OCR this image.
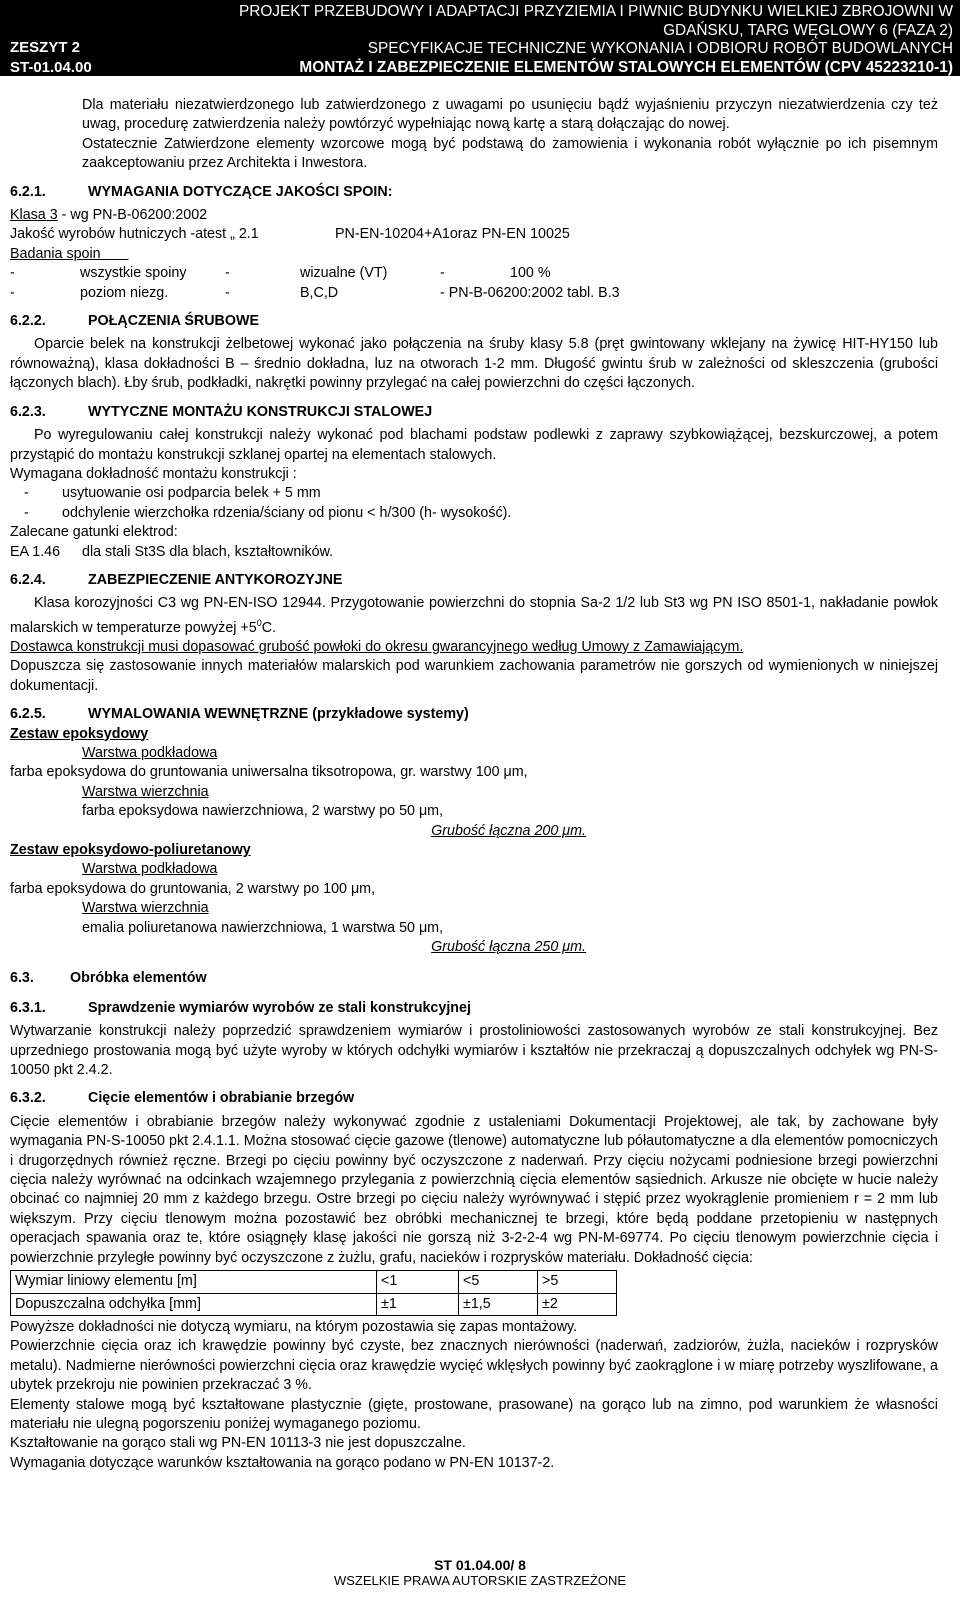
ZESZYT 2
ST-01.04.00
PROJEKT PRZEBUDOWY I ADAPTACJI PRZYZIEMIA I PIWNIC BUDYNKU WIELKIEJ ZBROJOWNI W
GDAŃSKU, TARG WĘGLOWY 6 (FAZA 2)
SPECYFIKACJE TECHNICZNE WYKONANIA I ODBIORU ROBÓT BUDOWLANYCH
MONTAŻ I ZABEZPIECZENIE ELEMENTÓW STALOWYCH ELEMENTÓW (CPV 45223210-1)

Dla materiału niezatwierdzonego lub zatwierdzonego z uwagami po usunięciu bądź wyjaśnieniu przyczyn niezatwierdzenia czy też uwag, procedurę zatwierdzenia należy powtórzyć wypełniając nową kartę a starą dołączając do nowej.

Ostatecznie Zatwierdzone elementy wzorcowe mogą być podstawą do zamowienia i wykonania robót wyłącznie po ich pisemnym zaakceptowaniu przez Architekta i Inwestora.

6.2.1.	WYMAGANIA DOTYCZĄCE JAKOŚCI SPOIN:

Klasa 3 - wg PN-B-06200:2002

Jakość wyrobów hutniczych -atest „ 2.1	PN-EN-10204+A1oraz PN-EN 10025

Badania spoin

-	wszystkie spoiny	-	wizualne (VT)	-	100 %
-	poziom niezg.	-	B,C,D	- PN-B-06200:2002 tabl. B.3
6.2.2.	POŁĄCZENIA ŚRUBOWE

Oparcie belek na konstrukcji żelbetowej wykonać jako połączenia na śruby klasy 5.8 (pręt gwintowany wklejany na żywicę HIT-HY150 lub równoważną), klasa dokładności B – średnio dokładna, luz na otworach 1-2 mm. Długość gwintu śrub w zależności od skleszczenia (grubości łączonych blach). Łby śrub, podkładki, nakrętki powinny przylegać na całej powierzchni do części łączonych.

6.2.3.	WYTYCZNE MONTAŻU KONSTRUKCJI STALOWEJ

Po wyregulowaniu całej konstrukcji należy wykonać pod blachami podstaw podlewki z zaprawy szybkowiążącej, bezskurczowej, a potem przystąpić do montażu konstrukcji szklanej opartej na elementach stalowych.

Wymagana dokładność montażu konstrukcji :

-	usytuowanie osi podparcia belek + 5 mm
-	odchylenie wierzchołka rdzenia/ściany od pionu < h/300 (h- wysokość).

Zalecane gatunki elektrod:

EA 1.46 dla stali St3S dla blach, kształtowników.

6.2.4.	ZABEZPIECZENIE ANTYKOROZYJNE

Klasa korozyjności C3 wg PN-EN-ISO 12944. Przygotowanie powierzchni do stopnia Sa-2 1/2 lub St3 wg PN ISO 8501-1, nakładanie powłok malarskich w temperaturze powyżej $+5^0C$.

Dostawca konstrukcji musi dopasować grubość powłoki do okresu gwarancyjnego według Umowy z Zamawiającym.

Dopuszcza się zastosowanie innych materiałów malarskich pod warunkiem zachowania parametrów nie gorszych od wymienionych w niniejszej dokumentacji.

6.2.5.	WYMALOWANIA WEWNĘTRZNE (przykładowe systemy)

Zestaw epoksydowy

Warstwa podkładowa

farba epoksydowa do gruntowania uniwersalna tiksotropowa, gr. warstwy 100 μm,

Warstwa wierzchnia

farba epoksydowa nawierzchniowa, 2 warstwy po 50 μm,

Grubość łączna 200 μm.

Zestaw epoksydowo-poliuretanowy

Warstwa podkładowa

farba epoksydowa do gruntowania, 2 warstwy po 100 μm,

Warstwa wierzchnia

emalia poliuretanowa nawierzchniowa, 1 warstwa 50 μm,

Grubość łączna 250 μm.

6.3.	Obróbka elementów
6.3.1.	Sprawdzenie wymiarów wyrobów ze stali konstrukcyjnej

Wytwarzanie konstrukcji należy poprzedzić sprawdzeniem wymiarów i prostoliniowości zastosowanych wyrobów ze stali konstrukcyjnej. Bez uprzedniego prostowania mogą być użyte wyroby w których odchyłki wymiarów i kształtów nie przekraczaj ą dopuszczalnych odchyłek wg PN-S-10050 pkt 2.4.2.

6.3.2.	Cięcie elementów i obrabianie brzegów

Cięcie elementów i obrabianie brzegów należy wykonywać zgodnie z ustaleniami Dokumentacji Projektowej, ale tak, by zachowane były wymagania PN-S-10050 pkt 2.4.1.1. Można stosować cięcie gazowe (tlenowe) automatyczne lub półautomatyczne a dla elementów pomocniczych i drugorzędnych również ręczne. Brzegi po cięciu powinny być oczyszczone z naderwań. Przy cięciu nożycami podniesione brzegi powierzchni cięcia należy wyrównać na odcinkach wzajemnego przylegania z powierzchnią cięcia elementów sąsiednich. Arkusze nie obcięte w hucie należy obcinać co najmniej 20 mm z każdego brzegu. Ostre brzegi po cięciu należy wyrównywać i stępić przez wyokrąglenie promieniem r = 2 mm lub większym. Przy cięciu tlenowym można pozostawić bez obróbki mechanicznej te brzegi, które będą poddane przetopieniu w następnych operacjach spawania oraz te, które osiągnęły klasę jakości nie gorszą niż 3-2-2-4 wg PN-M-69774. Po cięciu tlenowym powierzchnie cięcia i powierzchnie przyległe powinny być oczyszczone z żużlu, grafu, nacieków i rozprysków materiału. Dokładność cięcia:

Wymiar liniowy elementu [m]	<1	<5	>5
Dopuszczalna odchyłka [mm]	±1	±1,5	±2

Powyższe dokładności nie dotyczą wymiaru, na którym pozostawia się zapas montażowy.

Powierzchnie cięcia oraz ich krawędzie powinny być czyste, bez znacznych nierówności (naderwań, zadziorów, żużla, nacieków i rozprysków metalu). Nadmierne nierówności powierzchni cięcia oraz krawędzie wycięć wklęsłych powinny być zaokrąglone i w miarę potrzeby wyszlifowane, a ubytek przekroju nie powinien przekraczać 3 %.

Elementy stalowe mogą być kształtowane plastycznie (gięte, prostowane, prasowane) na gorąco lub na zimno, pod warunkiem że własności materiału nie ulegną pogorszeniu poniżej wymaganego poziomu.

Kształtowanie na gorąco stali wg PN-EN 10113-3 nie jest dopuszczalne.

Wymagania dotyczące warunków kształtowania na gorąco podano w PN-EN 10137-2.

ST 01.04.00/ 8
WSZELKIE PRAWA AUTORSKIE ZASTRZEŻONE
